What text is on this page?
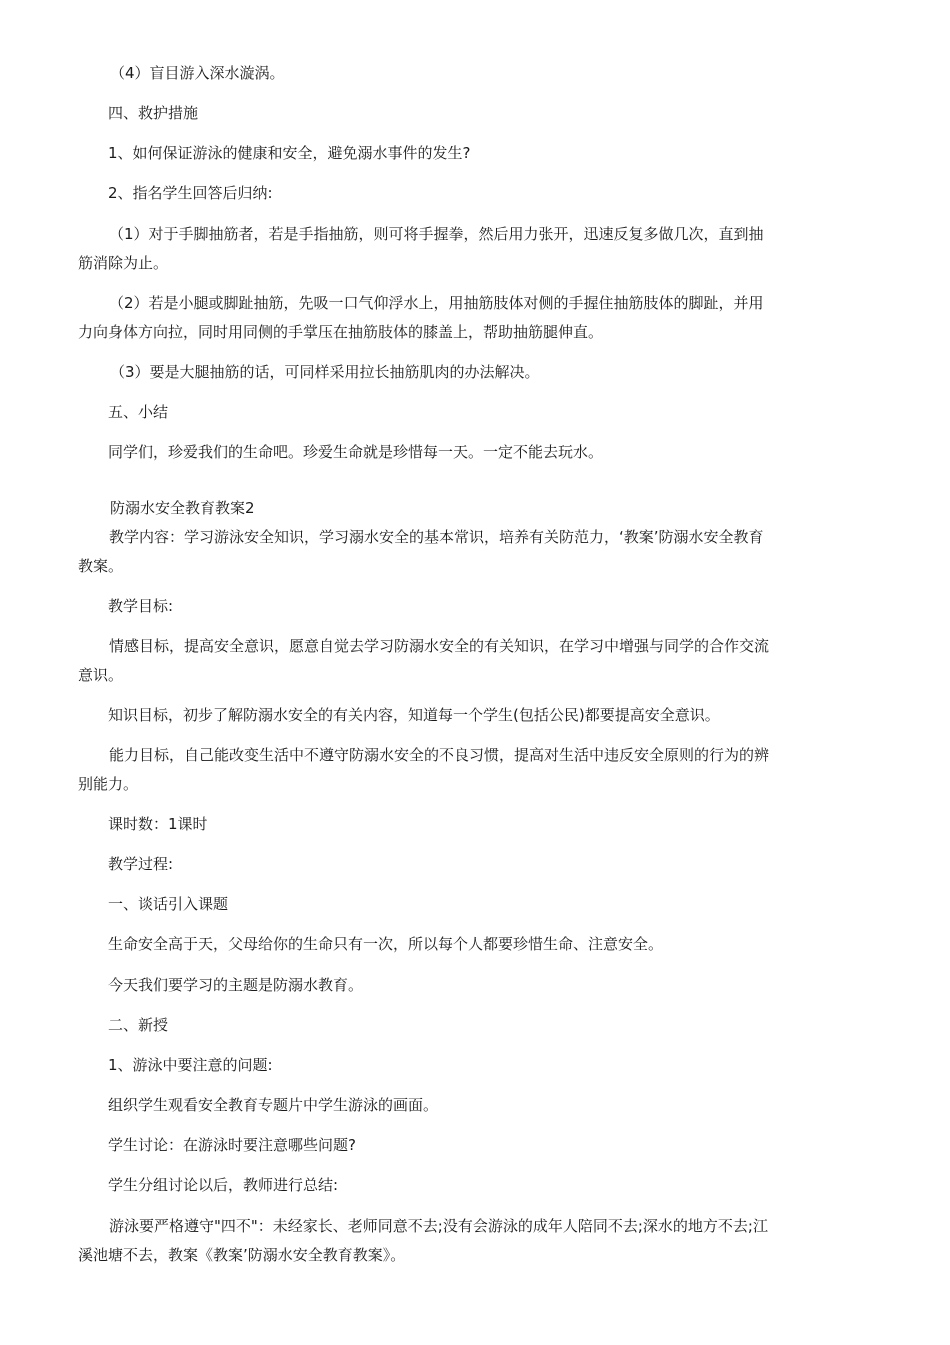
（4）盲目游入深水漩涡。

四、救护措施

1、如何保证游泳的健康和安全，避免溺水事件的发生?

2、指名学生回答后归纳:

（1）对于手脚抽筋者，若是手指抽筋，则可将手握拳，然后用力张开，迅速反复多做几次，直到抽筋消除为止。

（2）若是小腿或脚趾抽筋，先吸一口气仰浮水上，用抽筋肢体对侧的手握住抽筋肢体的脚趾，并用力向身体方向拉，同时用同侧的手掌压在抽筋肢体的膝盖上，帮助抽筋腿伸直。

（3）要是大腿抽筋的话，可同样采用拉长抽筋肌肉的办法解决。

五、小结

同学们，珍爱我们的生命吧。珍爱生命就是珍惜每一天。一定不能去玩水。

防溺水安全教育教案2

教学内容：学习游泳安全知识，学习溺水安全的基本常识，培养有关防范力，‘教案’防溺水安全教育教案。

教学目标:

情感目标，提高安全意识，愿意自觉去学习防溺水安全的有关知识，在学习中增强与同学的合作交流意识。

知识目标，初步了解防溺水安全的有关内容，知道每一个学生(包括公民)都要提高安全意识。

能力目标，自己能改变生活中不遵守防溺水安全的不良习惯，提高对生活中违反安全原则的行为的辨别能力。

课时数：1课时

教学过程:

一、谈话引入课题

生命安全高于天，父母给你的生命只有一次，所以每个人都要珍惜生命、注意安全。

今天我们要学习的主题是防溺水教育。

二、新授

1、游泳中要注意的问题:

组织学生观看安全教育专题片中学生游泳的画面。

学生讨论：在游泳时要注意哪些问题?

学生分组讨论以后，教师进行总结:

游泳要严格遵守"四不"：未经家长、老师同意不去;没有会游泳的成年人陪同不去;深水的地方不去;江溪池塘不去，教案《教案’防溺水安全教育教案》。
